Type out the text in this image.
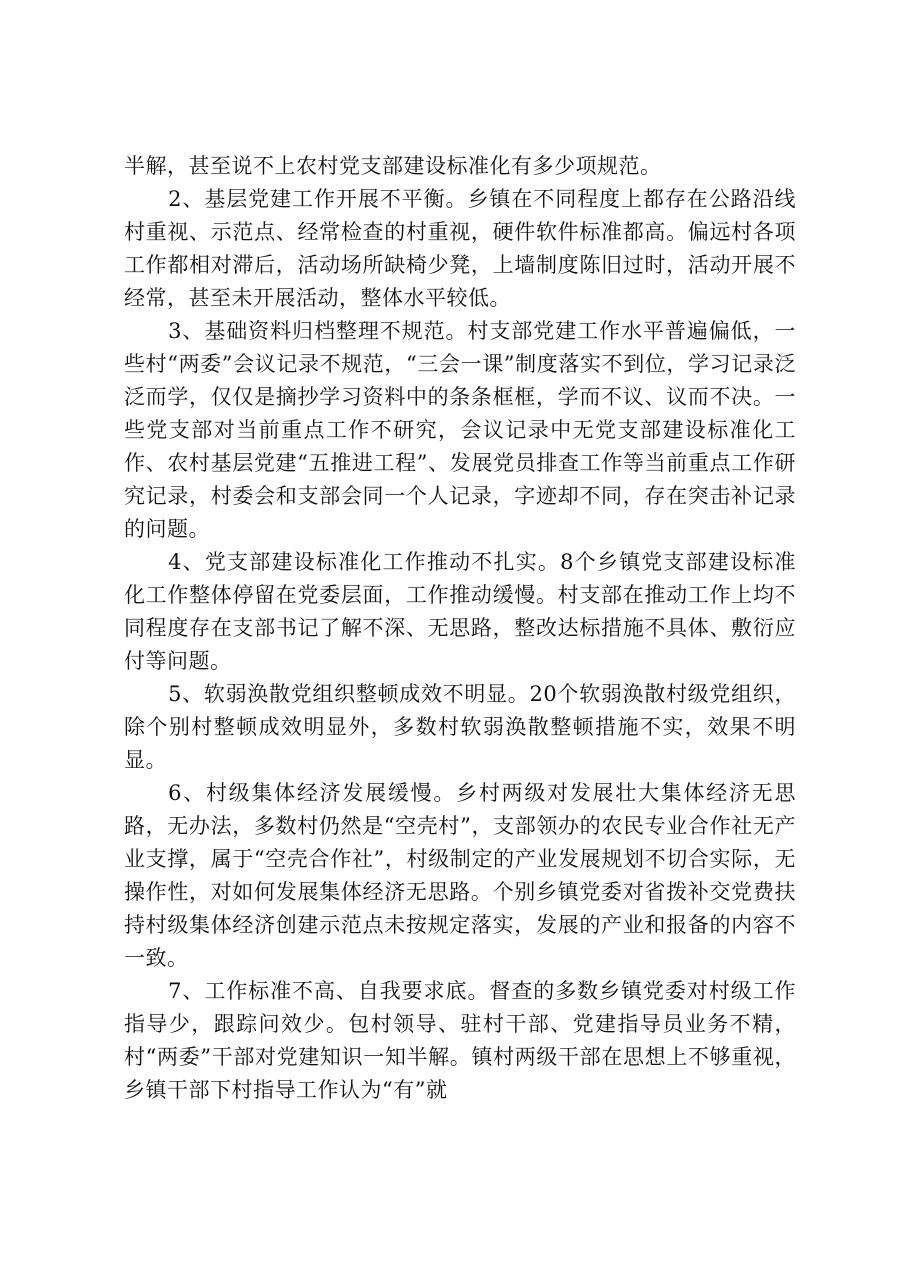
半解，甚至说不上农村党支部建设标准化有多少项规范。

2、基层党建工作开展不平衡。乡镇在不同程度上都存在公路沿线村重视、示范点、经常检查的村重视，硬件软件标准都高。偏远村各项工作都相对滞后，活动场所缺椅少凳，上墙制度陈旧过时，活动开展不经常，甚至未开展活动，整体水平较低。

3、基础资料归档整理不规范。村支部党建工作水平普遍偏低，一些村“两委”会议记录不规范，“三会一课”制度落实不到位，学习记录泛泛而学，仅仅是摘抄学习资料中的条条框框，学而不议、议而不决。一些党支部对当前重点工作不研究，会议记录中无党支部建设标准化工作、农村基层党建“五推进工程”、发展党员排查工作等当前重点工作研究记录，村委会和支部会同一个人记录，字迹却不同，存在突击补记录的问题。

4、党支部建设标准化工作推动不扎实。8个乡镇党支部建设标准化工作整体停留在党委层面，工作推动缓慢。村支部在推动工作上均不同程度存在支部书记了解不深、无思路，整改达标措施不具体、敷衍应付等问题。

5、软弱涣散党组织整顿成效不明显。20个软弱涣散村级党组织，除个别村整顿成效明显外，多数村软弱涣散整顿措施不实，效果不明显。

6、村级集体经济发展缓慢。乡村两级对发展壮大集体经济无思路，无办法，多数村仍然是“空壳村”，支部领办的农民专业合作社无产业支撑，属于“空壳合作社”，村级制定的产业发展规划不切合实际，无操作性，对如何发展集体经济无思路。个别乡镇党委对省拨补交党费扶持村级集体经济创建示范点未按规定落实，发展的产业和报备的内容不一致。

7、工作标准不高、自我要求底。督查的多数乡镇党委对村级工作指导少，跟踪问效少。包村领导、驻村干部、党建指导员业务不精，村“两委”干部对党建知识一知半解。镇村两级干部在思想上不够重视，乡镇干部下村指导工作认为“有”就
